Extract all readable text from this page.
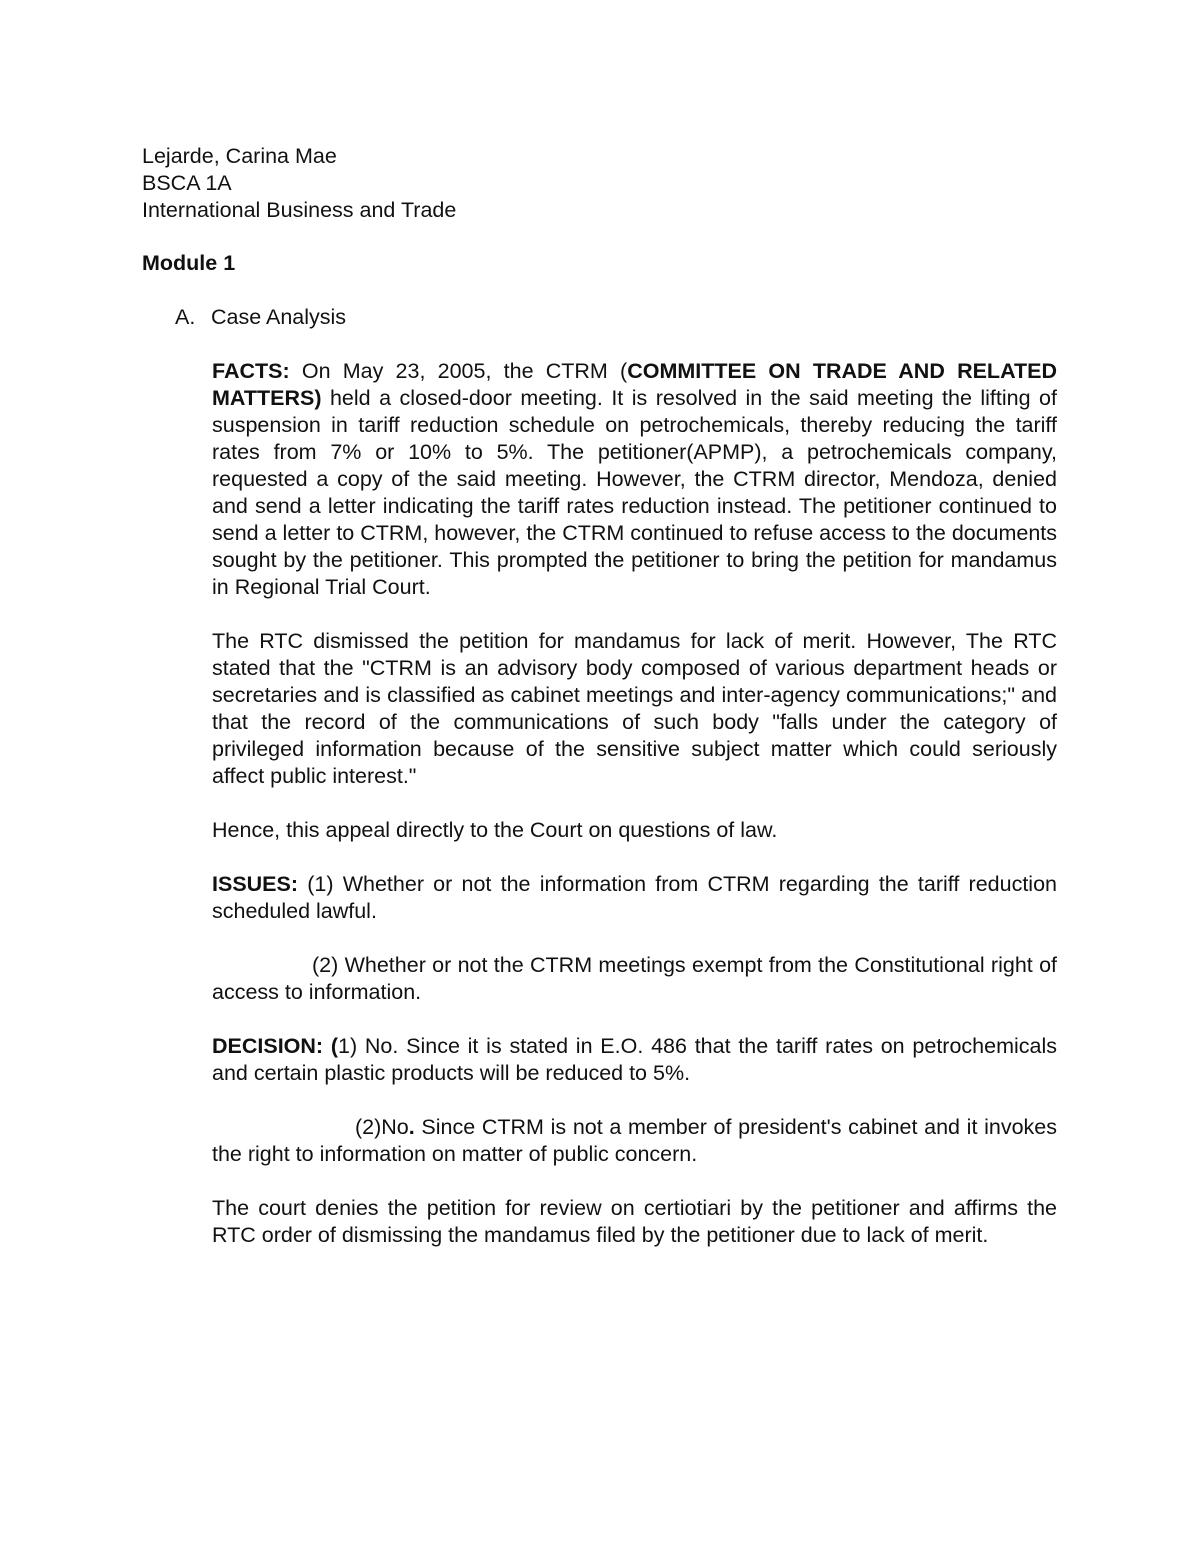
Lejarde, Carina Mae
BSCA 1A
International Business and Trade
Module 1
A. Case Analysis

FACTS: On May 23, 2005, the CTRM (COMMITTEE ON TRADE AND RELATED MATTERS) held a closed-door meeting. It is resolved in the said meeting the lifting of suspension in tariff reduction schedule on petrochemicals, thereby reducing the tariff rates from 7% or 10% to 5%. The petitioner(APMP), a petrochemicals company, requested a copy of the said meeting. However, the CTRM director, Mendoza, denied and send a letter indicating the tariff rates reduction instead. The petitioner continued to send a letter to CTRM, however, the CTRM continued to refuse access to the documents sought by the petitioner. This prompted the petitioner to bring the petition for mandamus in Regional Trial Court.

The RTC dismissed the petition for mandamus for lack of merit. However, The RTC stated that the "CTRM is an advisory body composed of various department heads or secretaries and is classified as cabinet meetings and inter-agency communications;" and that the record of the communications of such body "falls under the category of privileged information because of the sensitive subject matter which could seriously affect public interest."

Hence, this appeal directly to the Court on questions of law.

ISSUES: (1) Whether or not the information from CTRM regarding the tariff reduction scheduled lawful.

(2) Whether or not the CTRM meetings exempt from the Constitutional right of access to information.

DECISION: (1) No. Since it is stated in E.O. 486 that the tariff rates on petrochemicals and certain plastic products will be reduced to 5%.

(2)No. Since CTRM is not a member of president's cabinet and it invokes the right to information on matter of public concern.

The court denies the petition for review on certiotiari by the petitioner and affirms the RTC order of dismissing the mandamus filed by the petitioner due to lack of merit.
